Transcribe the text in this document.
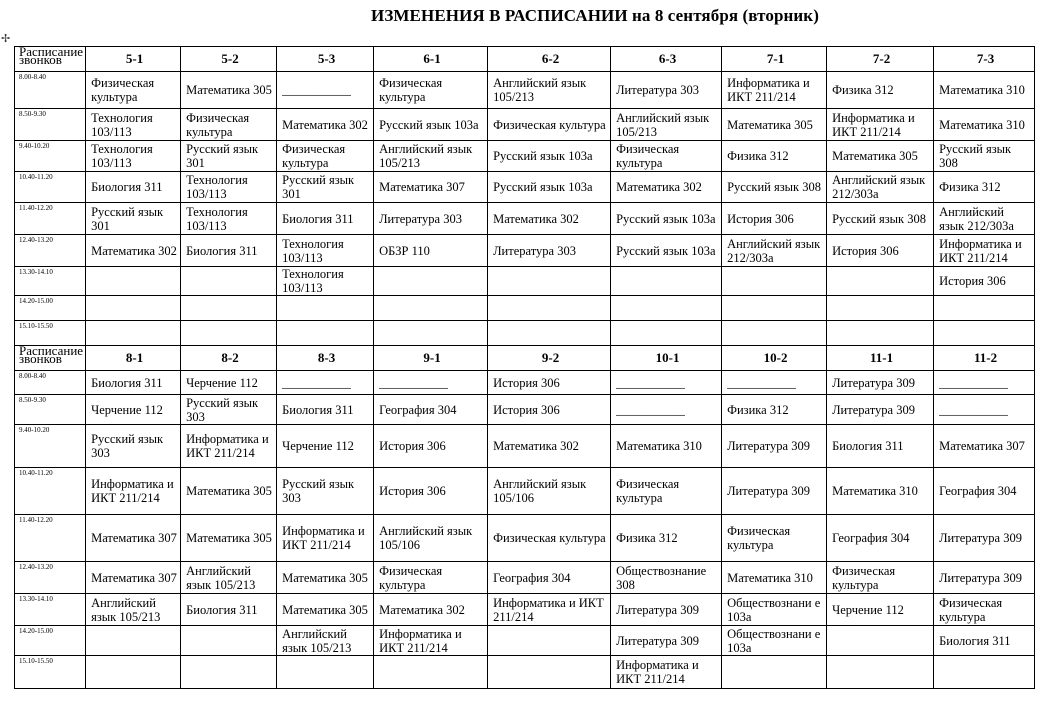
ИЗМЕНЕНИЯ В РАСПИСАНИИ на 8 сентября (вторник)
✢
Расписание звонков	5-1	5-2	5-3	6-1	6-2	6-3	7-1	7-2	7-3
8.00-8.40	Физическая культура	Математика 305	___________	Физическая культура	Английский язык 105/213	Литература 303	Информатика и ИКТ 211/214	Физика 312	Математика 310
8.50-9.30	Технология 103/113	Физическая культура	Математика 302	Русский язык 103а	Физическая культура	Английский язык 105/213	Математика 305	Информатика и ИКТ 211/214	Математика 310
9.40-10.20	Технология 103/113	Русский язык 301	Физическая культура	Английский язык 105/213	Русский язык 103а	Физическая культура	Физика 312	Математика 305	Русский язык 308
10.40-11.20	Биология 311	Технология 103/113	Русский язык 301	Математика 307	Русский язык 103а	Математика 302	Русский язык 308	Английский язык 212/303а	Физика 312
11.40-12.20	Русский язык 301	Технология 103/113	Биология 311	Литература 303	Математика 302	Русский язык 103а	История 306	Русский язык 308	Английский язык 212/303а
12.40-13.20	Математика 302	Биология 311	Технология 103/113	ОБЗР 110	Литература 303	Русский язык 103а	Английский язык 212/303а	История 306	Информатика и ИКТ 211/214
13.30-14.10			Технология 103/113						История 306
14.20-15.00									
15.10-15.50									
Расписание звонков	8-1	8-2	8-3	9-1	9-2	10-1	10-2	11-1	11-2
8.00-8.40	Биология 311	Черчение 112	___________	___________	История 306	___________	___________	Литература 309	___________
8.50-9.30	Черчение 112	Русский язык 303	Биология 311	География 304	История 306	___________	Физика 312	Литература 309	___________
9.40-10.20	Русский язык 303	Информатика и ИКТ 211/214	Черчение 112	История 306	Математика 302	Математика 310	Литература 309	Биология 311	Математика 307
10.40-11.20	Информатика и ИКТ 211/214	Математика 305	Русский язык 303	История 306	Английский язык 105/106	Физическая культура	Литература 309	Математика 310	География 304
11.40-12.20	Математика 307	Математика 305	Информатика и ИКТ 211/214	Английский язык 105/106	Физическая культура	Физика 312	Физическая культура	География 304	Литература 309
12.40-13.20	Математика 307	Английский язык 105/213	Математика 305	Физическая культура	География 304	Обществознание 308	Математика 310	Физическая культура	Литература 309
13.30-14.10	Английский язык 105/213	Биология 311	Математика 305	Математика 302	Информатика и ИКТ 211/214	Литература 309	Обществознани е 103а	Черчение 112	Физическая культура
14.20-15.00			Английский язык 105/213	Информатика и ИКТ 211/214		Литература 309	Обществознани е 103а		Биология 311
15.10-15.50						Информатика и ИКТ 211/214			
